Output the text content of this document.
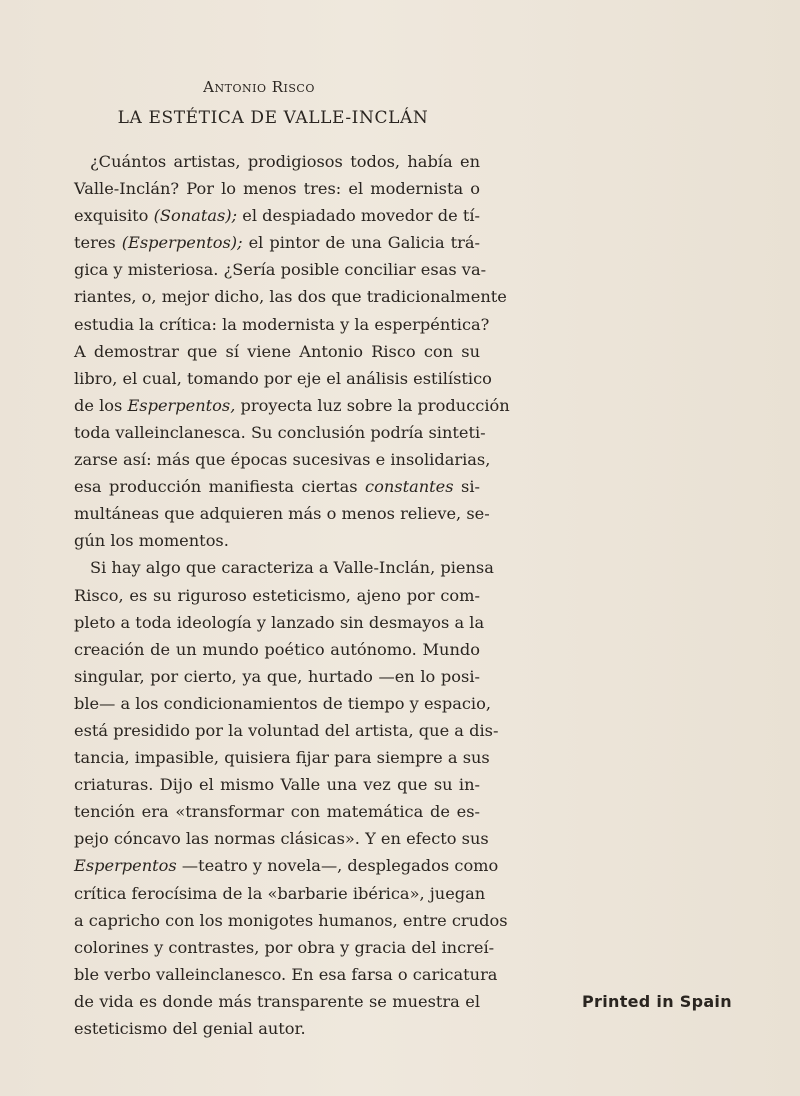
Antonio Risco
LA ESTÉTICA DE VALLE-INCLÁN
¿Cuántos artistas, prodigiosos todos, había en
Valle-Inclán? Por lo menos tres: el modernista o
exquisito (Sonatas); el despiadado movedor de tí-
teres (Esperpentos); el pintor de una Galicia trá-
gica y misteriosa. ¿Sería posible conciliar esas va-
riantes, o, mejor dicho, las dos que tradicionalmente
estudia la crítica: la modernista y la esperpéntica?
A demostrar que sí viene Antonio Risco con su
libro, el cual, tomando por eje el análisis estilístico
de los Esperpentos, proyecta luz sobre la producción
toda valleinclanesca. Su conclusión podría sinteti-
zarse así: más que épocas sucesivas e insolidarias,
esa producción manifiesta ciertas constantes si-
multáneas que adquieren más o menos relieve, se-
gún los momentos.
Si hay algo que caracteriza a Valle-Inclán, piensa
Risco, es su riguroso esteticismo, ajeno por com-
pleto a toda ideología y lanzado sin desmayos a la
creación de un mundo poético autónomo. Mundo
singular, por cierto, ya que, hurtado —en lo posi-
ble— a los condicionamientos de tiempo y espacio,
está presidido por la voluntad del artista, que a dis-
tancia, impasible, quisiera fijar para siempre a sus
criaturas. Dijo el mismo Valle una vez que su in-
tención era «transformar con matemática de es-
pejo cóncavo las normas clásicas». Y en efecto sus
Esperpentos —teatro y novela—, desplegados como
crítica ferocísima de la «barbarie ibérica», juegan
a capricho con los monigotes humanos, entre crudos
colorines y contrastes, por obra y gracia del increí-
ble verbo valleinclanesco. En esa farsa o caricatura
de vida es donde más transparente se muestra el
esteticismo del genial autor.
Printed in Spain
